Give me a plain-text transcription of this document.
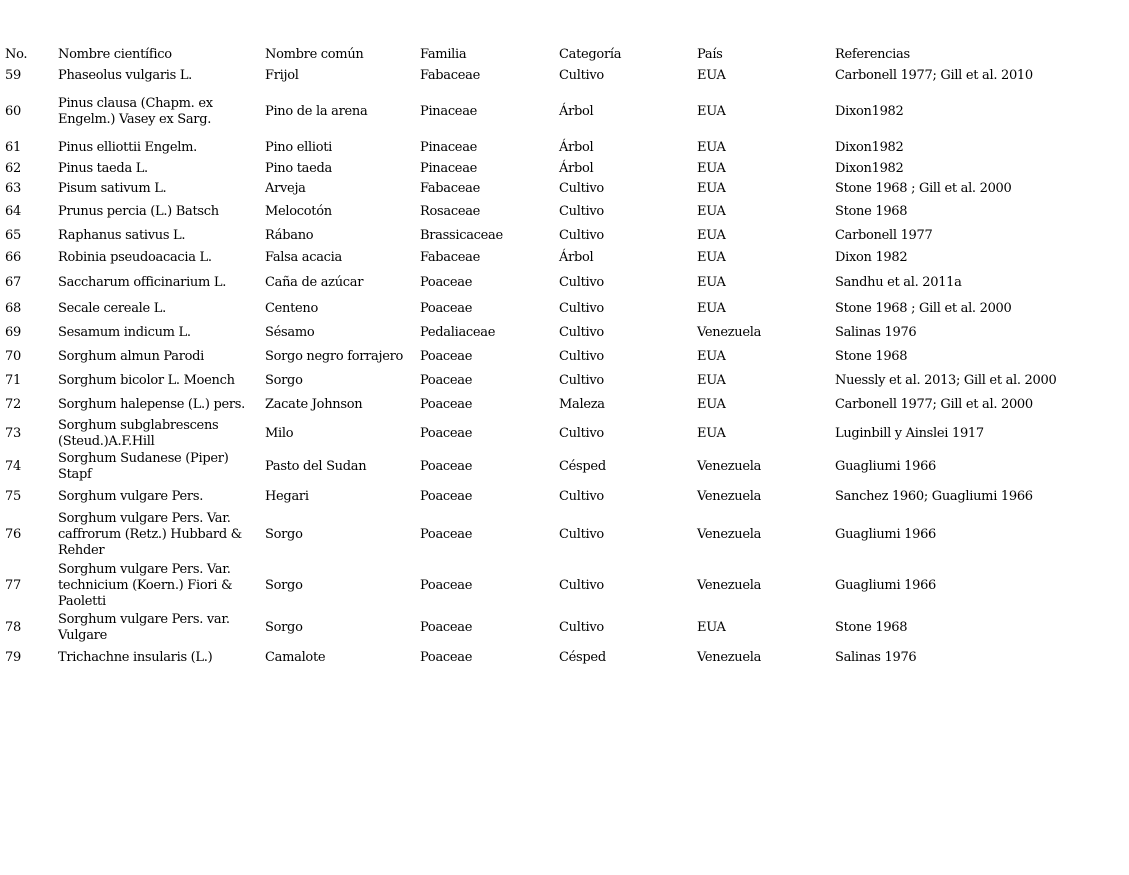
No.	Nombre científico	Nombre común	Familia	Categoría	País	Referencias
59	Phaseolus vulgaris L.	Frijol	Fabaceae	Cultivo	EUA	Carbonell 1977; Gill et al. 2010
60	Pinus clausa (Chapm. ex Engelm.) Vasey ex Sarg.	Pino de la arena	Pinaceae	Árbol	EUA	Dixon1982
61	Pinus elliottii Engelm.	Pino ellioti	Pinaceae	Árbol	EUA	Dixon1982
62	Pinus taeda L.	Pino taeda	Pinaceae	Árbol	EUA	Dixon1982
63	Pisum sativum L.	Arveja	Fabaceae	Cultivo	EUA	Stone 1968 ; Gill et al. 2000
64	Prunus percia (L.) Batsch	Melocotón	Rosaceae	Cultivo	EUA	Stone 1968
65	Raphanus sativus L.	Rábano	Brassicaceae	Cultivo	EUA	Carbonell 1977
66	Robinia pseudoacacia L.	Falsa acacia	Fabaceae	Árbol	EUA	Dixon 1982
67	Saccharum officinarium L.	Caña de azúcar	Poaceae	Cultivo	EUA	Sandhu et al. 2011a
68	Secale cereale L.	Centeno	Poaceae	Cultivo	EUA	Stone 1968 ; Gill et al. 2000
69	Sesamum indicum L.	Sésamo	Pedaliaceae	Cultivo	Venezuela	Salinas 1976
70	Sorghum almun Parodi	Sorgo negro forrajero	Poaceae	Cultivo	EUA	Stone 1968
71	Sorghum bicolor L. Moench	Sorgo	Poaceae	Cultivo	EUA	Nuessly et al. 2013; Gill et al. 2000
72	Sorghum halepense (L.) pers.	Zacate Johnson	Poaceae	Maleza	EUA	Carbonell 1977; Gill et al. 2000
73	Sorghum subglabrescens (Steud.)A.F.Hill	Milo	Poaceae	Cultivo	EUA	Luginbill y Ainslei 1917
74	Sorghum Sudanese (Piper) Stapf	Pasto del Sudan	Poaceae	Césped	Venezuela	Guagliumi 1966
75	Sorghum vulgare Pers.	Hegari	Poaceae	Cultivo	Venezuela	Sanchez 1960; Guagliumi 1966
76	Sorghum vulgare Pers. Var. caffrorum (Retz.) Hubbard & Rehder	Sorgo	Poaceae	Cultivo	Venezuela	Guagliumi 1966
77	Sorghum vulgare Pers. Var. technicium (Koern.) Fiori & Paoletti	Sorgo	Poaceae	Cultivo	Venezuela	Guagliumi 1966
78	Sorghum vulgare Pers. var. Vulgare	Sorgo	Poaceae	Cultivo	EUA	Stone 1968
79	Trichachne insularis (L.)	Camalote	Poaceae	Césped	Venezuela	Salinas 1976
